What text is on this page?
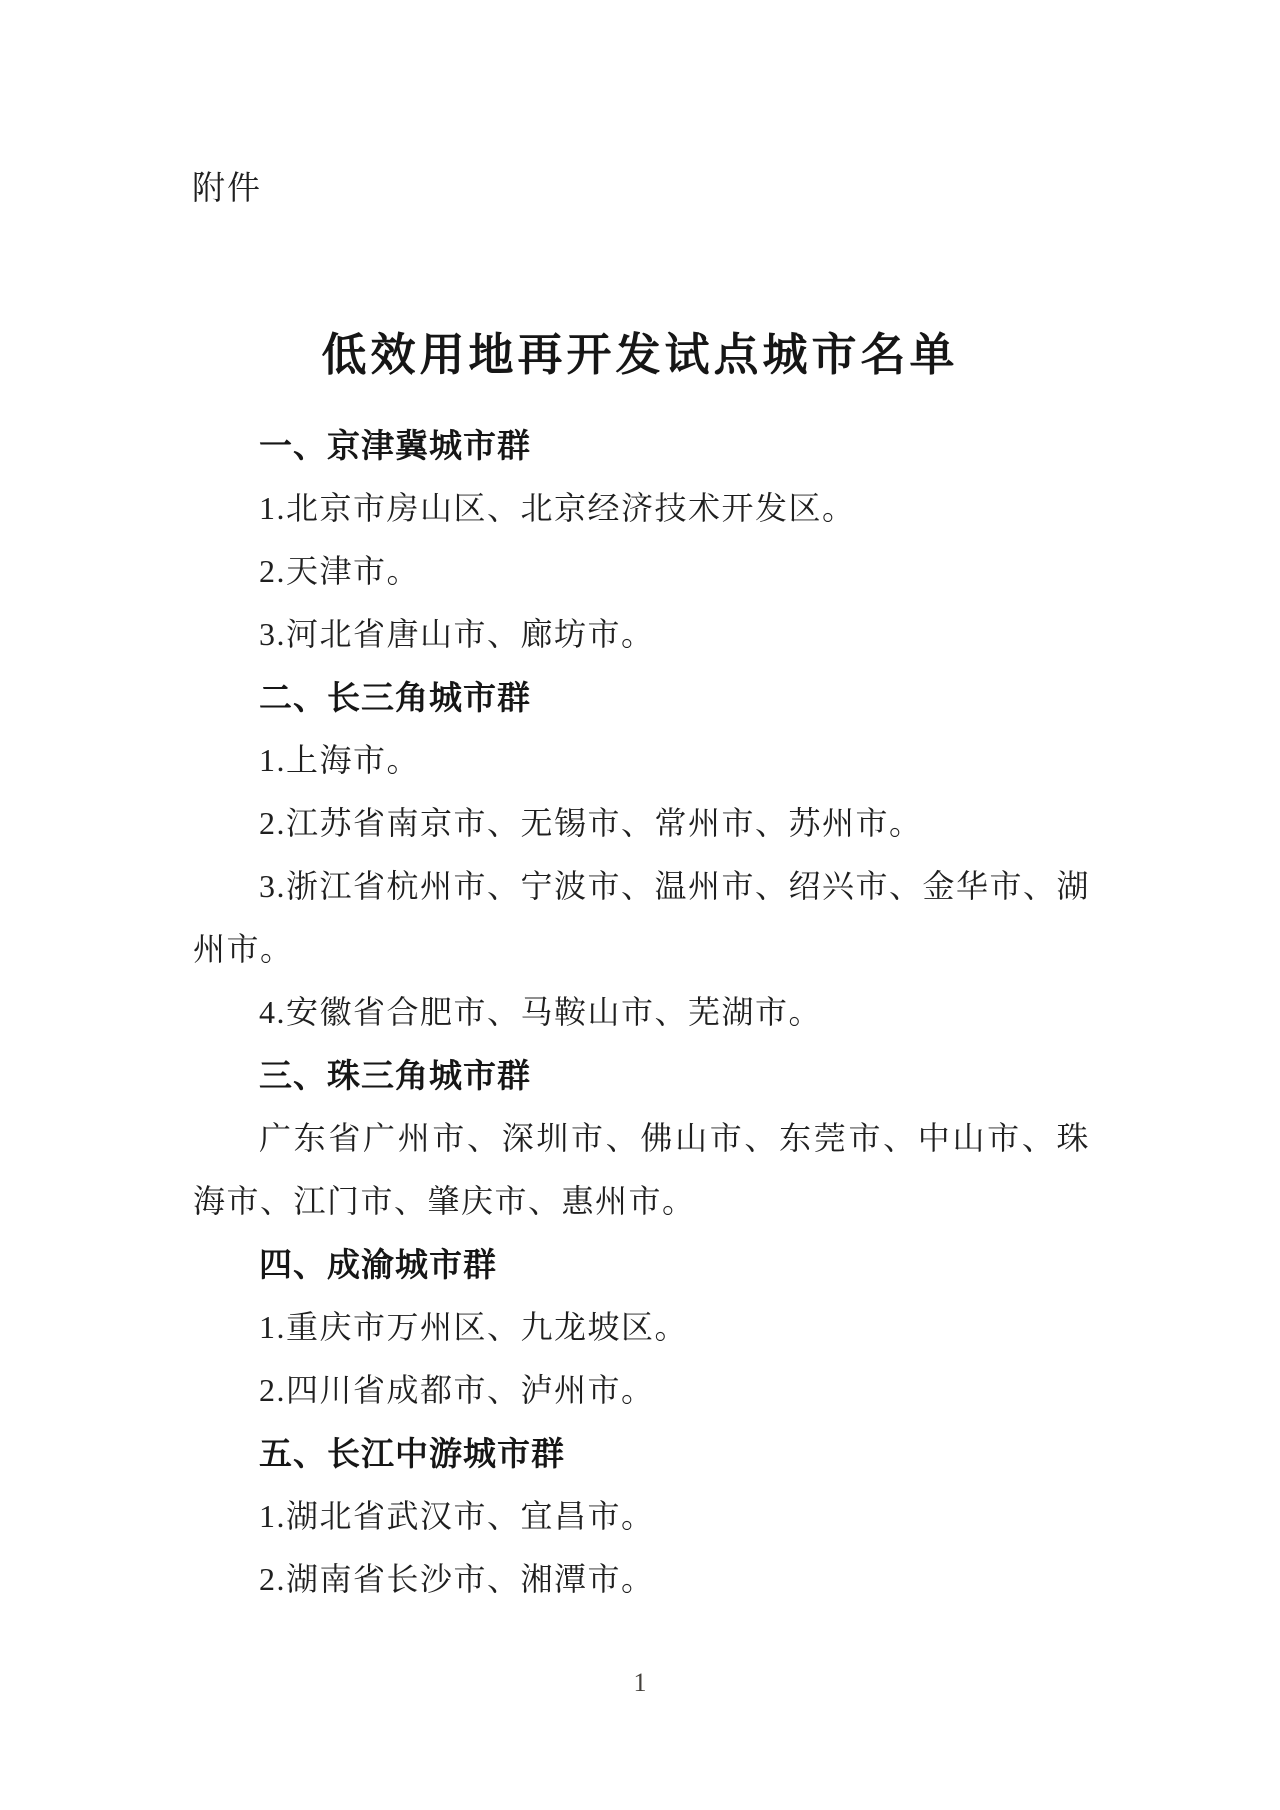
附件
低效用地再开发试点城市名单
一、京津冀城市群

1.北京市房山区、北京经济技术开发区。

2.天津市。

3.河北省唐山市、廊坊市。

二、长三角城市群

1.上海市。

2.江苏省南京市、无锡市、常州市、苏州市。

3.浙江省杭州市、宁波市、温州市、绍兴市、金华市、湖州市。

4.安徽省合肥市、马鞍山市、芜湖市。

三、珠三角城市群

广东省广州市、深圳市、佛山市、东莞市、中山市、珠海市、江门市、肇庆市、惠州市。

四、成渝城市群

1.重庆市万州区、九龙坡区。

2.四川省成都市、泸州市。

五、长江中游城市群

1.湖北省武汉市、宜昌市。

2.湖南省长沙市、湘潭市。

1
